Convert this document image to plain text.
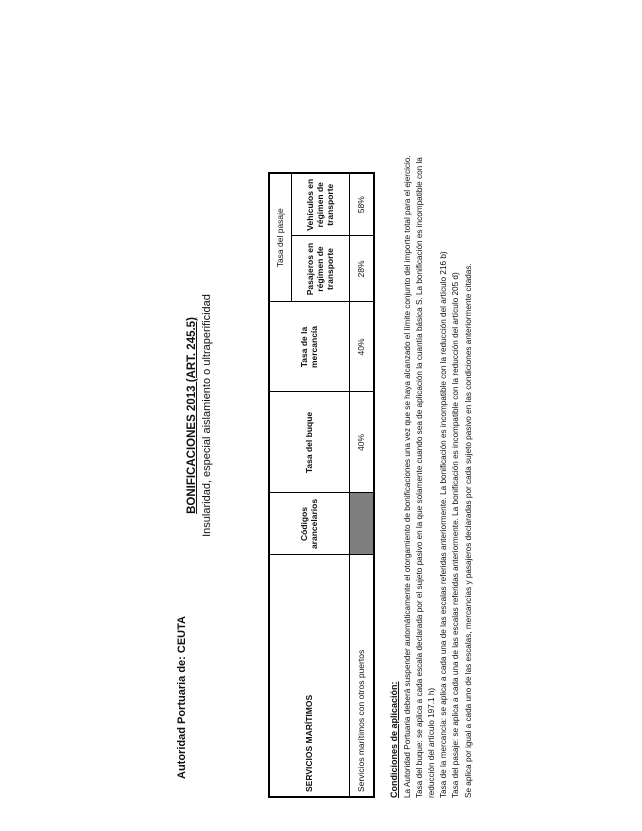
Autoridad Portuaria de: CEUTA
BONIFICACIONES 2013 (ART. 245.5) Insularidad, especial aislamiento o ultraperificidad
SERVICIOS MARÍTIMOS	Códigos arancelarios	Tasa del buque	Tasa de la mercancía	Tasa del pasaje	
				Pasajeros en régimen de transporte	Vehículos en régimen de transporte
Servicios marítimos con otros puertos		40%	40%	28%	58%
Condiciones de aplicación: La Autoridad Portuaria deberá suspender automáticamente el otorgamiento de bonificaciones una vez que se haya alcanzado el límite conjunto del importe total para el ejercicio. Tasa del buque: se aplica a cada escala declarada por el sujeto pasivo en la que solamente cuando sea de aplicación la cuantía básica S. La bonificación es incompatible con la reducción del artículo 197.1 h) Tasa de la mercancía: se aplica a cada una de las escalas referidas anteriormente. La bonificación es incompatible con la reducción del artículo 216 b) Tasa del pasaje: se aplica a cada una de las escalas referidas anteriormente. La bonificación es incompatible con la reducción del artículo 205 d) Se aplica por igual a cada uno de las escalas, mercancías y pasajeros declaradas por cada sujeto pasivo en las condiciones anteriormente citadas.
